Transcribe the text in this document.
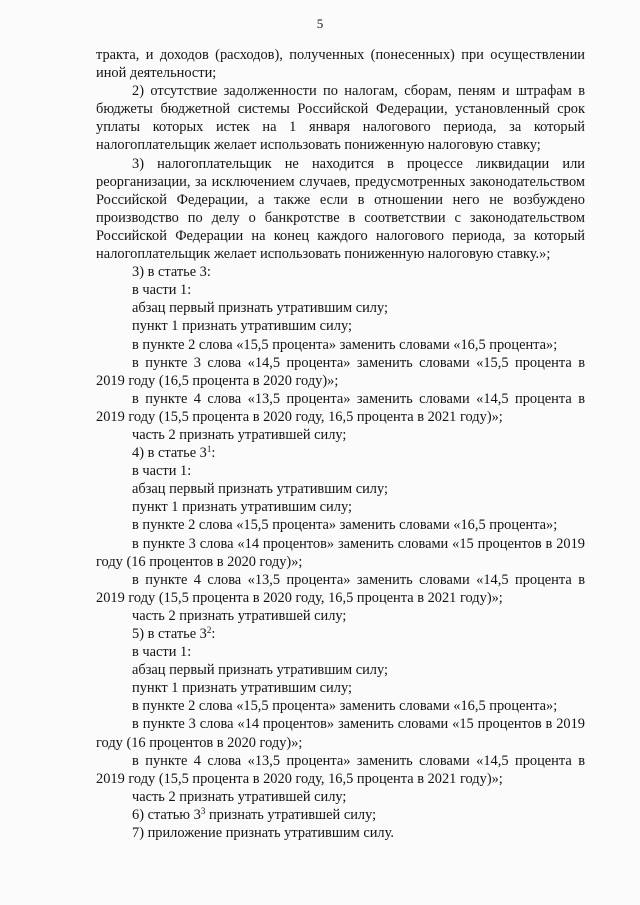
5

тракта, и доходов (расходов), полученных (понесенных) при осуществлении иной деятельности;

2) отсутствие задолженности по налогам, сборам, пеням и штрафам в бюджеты бюджетной системы Российской Федерации, установленный срок уплаты которых истек на 1 января налогового периода, за который налогоплательщик желает использовать пониженную налоговую ставку;

3) налогоплательщик не находится в процессе ликвидации или реорганизации, за исключением случаев, предусмотренных законодательством Российской Федерации, а также если в отношении него не возбуждено производство по делу о банкротстве в соответствии с законодательством Российской Федерации на конец каждого налогового периода, за который налогоплательщик желает использовать пониженную налоговую ставку.»;

3) в статье 3:

в части 1:

абзац первый признать утратившим силу;

пункт 1 признать утратившим силу;

в пункте 2 слова «15,5 процента» заменить словами «16,5 процента»;

в пункте 3 слова «14,5 процента» заменить словами «15,5 процента в 2019 году (16,5 процента в 2020 году)»;

в пункте 4 слова «13,5 процента» заменить словами «14,5 процента в 2019 году (15,5 процента в 2020 году, 16,5 процента в 2021 году)»;

часть 2 признать утратившей силу;

4) в статье $3^1$:

в части 1:

абзац первый признать утратившим силу;

пункт 1 признать утратившим силу;

в пункте 2 слова «15,5 процента» заменить словами «16,5 процента»;

в пункте 3 слова «14 процентов» заменить словами «15 процентов в 2019 году (16 процентов в 2020 году)»;

в пункте 4 слова «13,5 процента» заменить словами «14,5 процента в 2019 году (15,5 процента в 2020 году, 16,5 процента в 2021 году)»;

часть 2 признать утратившей силу;

5) в статье $3^2$:

в части 1:

абзац первый признать утратившим силу;

пункт 1 признать утратившим силу;

в пункте 2 слова «15,5 процента» заменить словами «16,5 процента»;

в пункте 3 слова «14 процентов» заменить словами «15 процентов в 2019 году (16 процентов в 2020 году)»;

в пункте 4 слова «13,5 процента» заменить словами «14,5 процента в 2019 году (15,5 процента в 2020 году, 16,5 процента в 2021 году)»;

часть 2 признать утратившей силу;

6) статью $3^3$ признать утратившей силу;

7) приложение признать утратившим силу.
